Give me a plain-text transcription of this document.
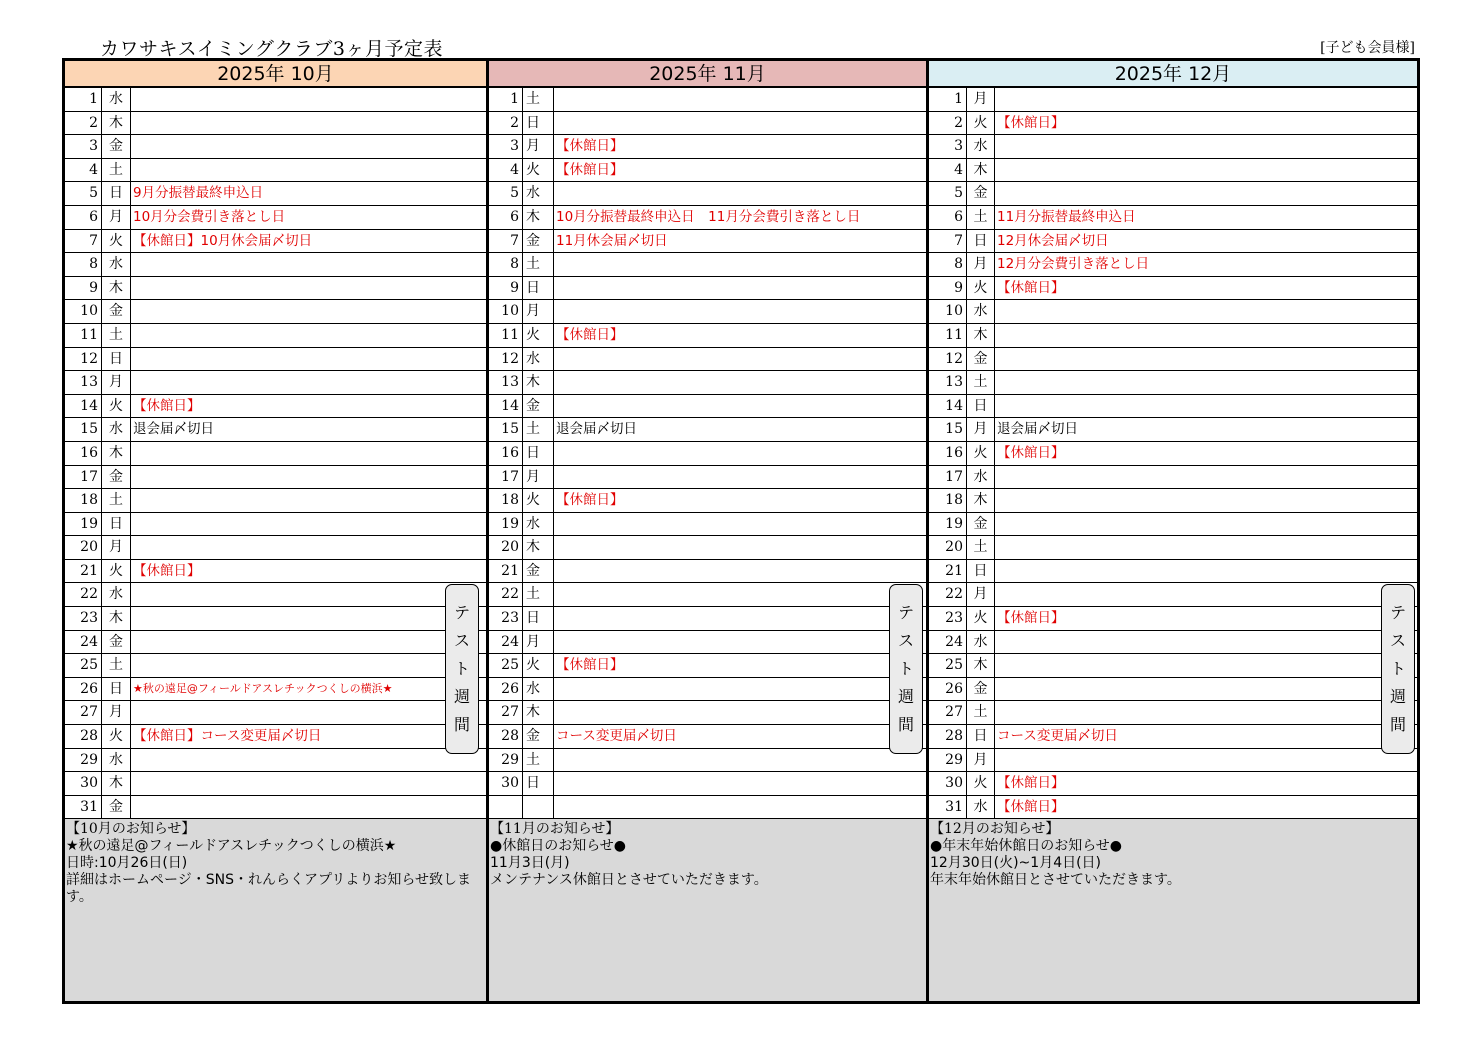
カワサキスイミングクラブ3ヶ月予定表	[子ども会員様]
2025年 10月
1 水
2 木
3 金
4 土
5 日 9月分振替最終申込日
6 月 10月分会費引き落とし日
7 火 【休館日】10月休会届〆切日
8 水
9 木
10 金
11 土
12 日
13 月
14 火 【休館日】
15 水 退会届〆切日
16 木
17 金
18 土
19 日
20 月
21 火 【休館日】
22 水
23 木
24 金
25 土
26 日 ★秋の遠足@フィールドアスレチックつくしの横浜★
27 月
28 火 【休館日】コース変更届〆切日
29 水
30 木
31 金
【10月のお知らせ】
★秋の遠足@フィールドアスレチックつくしの横浜★
日時:10月26日(日)
詳細はホームページ・SNS・れんらくアプリよりお知らせ致します。
テ
ス
ト
週
間
2025年 11月
1 土
2 日
3 月	【休館日】
4 火	【休館日】
5 水
6 木	10月分振替最終申込日　11月分会費引き落とし日
7 金	11月休会届〆切日
8 土
9 日
10 月
11 火	【休館日】
12 水
13 木
14 金
15 土	退会届〆切日
16 日
17 月
18 火	【休館日】
19 水
20 木
21 金
22 土
23 日
24 月
25 火	【休館日】
26 水
27 木
28 金	コース変更届〆切日
29 土
30 日
【11月のお知らせ】
●休館日のお知らせ●
11月3日(月)
メンテナンス休館日とさせていただきます。
テ
ス
ト
週
間
2025年 12月
1 月
2 火 【休館日】
3 水
4 木
5 金
6 土 11月分振替最終申込日
7 日 12月休会届〆切日
8 月 12月分会費引き落とし日
9 火 【休館日】
10 水
11 木
12 金
13 土
14 日
15 月 退会届〆切日
16 火 【休館日】
17 水
18 木
19 金
20 土
21 日
22 月
23 火 【休館日】
24 水
25 木
26 金
27 土
28 日 コース変更届〆切日
29 月
30 火 【休館日】
31 水 【休館日】
【12月のお知らせ】
●年末年始休館日のお知らせ●
12月30日(火)~1月4日(日)
年末年始休館日とさせていただきます。
テ
ス
ト
週
間
